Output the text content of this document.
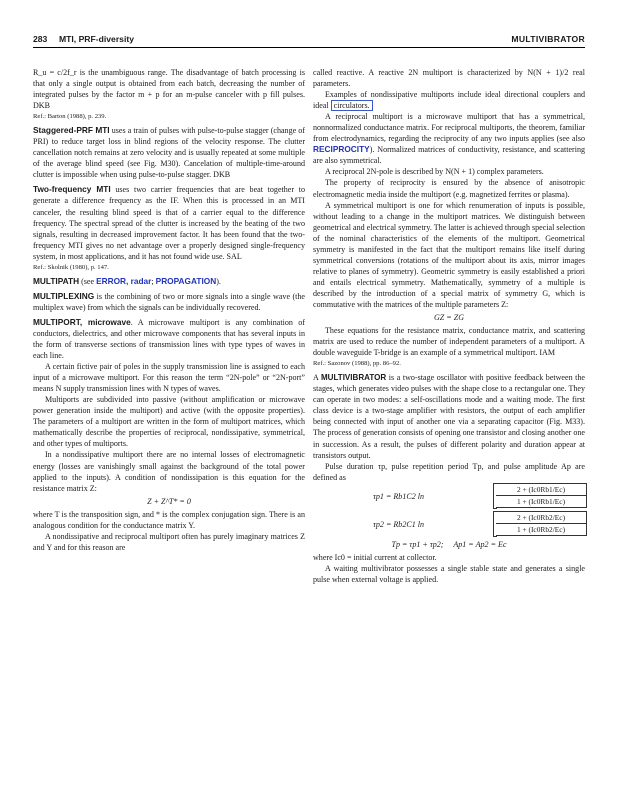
283 MTI, PRF-diversity	MULTIVIBRATOR

R_u = c/2f_r is the unambiguous range. The disadvantage of batch processing is that only a single output is obtained from each batch, decreasing the number of integrated pulses by the factor m + p for an m-pulse canceler with p fill pulses. DKB

Ref.: Barton (1988), p. 239.

Staggered-PRF MTI uses a train of pulses with pulse-to-pulse stagger (change of PRI) to reduce target loss in blind regions of the velocity response. The clutter cancellation notch remains at zero velocity and is usually repeated at some multiple of the average blind speed (see Fig. M30). Cancelation of multiple-time-around clutter is impossible when using pulse-to-pulse stagger. DKB

Two-frequency MTI uses two carrier frequencies that are beat together to generate a difference frequency as the IF. When this is processed in an MTI canceler, the resulting blind speed is that of a carrier equal to the difference frequency. The spectral spread of the clutter is increased by the beating of the two signals, resulting in decreased improvement factor. It has been found that the two-frequency MTI gives no net advantage over a properly designed single-frequency system, in most applications, and it has not found wide use. SAL

Ref.: Skolnik (1980), p. 147.

MULTIPATH (see ERROR, radar; PROPAGATION).

MULTIPLEXING is the combining of two or more signals into a single wave (the multiplex wave) from which the signals can be individually recovered.

MULTIPORT, microwave. A microwave multiport is any combination of conductors, dielectrics, and other microwave components that has several inputs in the form of transverse sections of transmission lines with type types of waves in each line.

A certain fictive pair of poles in the supply transmission line is assigned to each input of a microwave multiport. For this reason the term “2N-pole” or “2N-port” means N supply transmission lines with N types of waves.

Multiports are subdivided into passive (without amplification or microwave power generation inside the multiport) and active (with the opposite properties). The parameters of a multiport are written in the form of multiport matrices, which mathematically describe the properties of reciprocal, nondissipative, symmetrical, and other types of multiports.

In a nondissipative multiport there are no internal losses of electromagnetic energy (losses are vanishingly small against the background of the total power applied to the inputs). A condition of nondissipation is this equation for the resistance matrix Z:

Z + Z^T* = 0

where T is the transposition sign, and * is the complex conjugation sign. There is an analogous condition for the conductance matrix Y.

A nondissipative and reciprocal multiport often has purely imaginary matrices Z and Y and for this reason are

called reactive. A reactive 2N multiport is characterized by N(N + 1)/2 real parameters.

Examples of nondissipative multiports include ideal directional couplers and ideal circulators.

A reciprocal multiport is a microwave multiport that has a symmetrical, nonnormalized conductance matrix. For reciprocal multiports, the theorem, familiar from electrodynamics, regarding the reciprocity of any two inputs applies (see also RECIPROCITY). Normalized matrices of conductivity, resistance, and scattering are also symmetrical.

A reciprocal 2N-pole is described by N(N + 1) complex parameters.

The property of reciprocity is ensured by the absence of anisotropic electromagnetic media inside the multiport (e.g. magnetized ferrites or plasma).

A symmetrical multiport is one for which renumeration of inputs is possible, without leading to a change in the multiport matrices. We distinguish between geometrical and electrical symmetry. The latter is achieved through special selection of the nominal characteristics of the elements of the multiport. Geometrical symmetry is manifested in the fact that the multiport remains like itself during symmetrical conversions (rotations of the multiport about its axis, mirror images relative to planes of symmetry). Geometric symmetry is easily established a priori and entails electrical symmetry. Mathematically, symmetry of a multiple is described by the introduction of a special matrix of symmetry G, which is commutative with the matrices of the multiple parameters Z:

GZ = ZG

These equations for the resistance matrix, conductance matrix, and scattering matrix are used to reduce the number of independent parameters of a multiport. A double waveguide T-bridge is an example of a symmetrical multiport. IAM

Ref.: Sazonov (1988), pp. 86–92.

A MULTIVIBRATOR is a two-stage oscillator with positive feedback between the stages, which generates video pulses with the shape close to a rectangular one. They can operate in two modes: a self-oscillations mode and a waiting mode. The first class device is a two-stage amplifier with resistors, the output of each amplifier being connected with input of another one via a separating capacitor (Fig. M33). The process of generation consists of opening one transistor and closing another one in succession. As a result, the pulses of different polarity and duration appear at transistors output.

Pulse duration τp, pulse repetition period Tp, and pulse amplitude Ap are defined as

τp1 = Rb1C2 ln	$\frac{2 + (Ic0Rb1/Ec)}{1 + (Ic0Rb1/Ec)}$
τp2 = Rb2C1 ln	$\frac{2 + (Ic0Rb2/Ec)}{1 + (Ic0Rb2/Ec)}$
Tp = τp1 + τp2;     Ap1 = Ap2 = Ec

where Ic0 = initial current at collector.

A waiting multivibrator possesses a single stable state and generates a single pulse when external voltage is applied.
